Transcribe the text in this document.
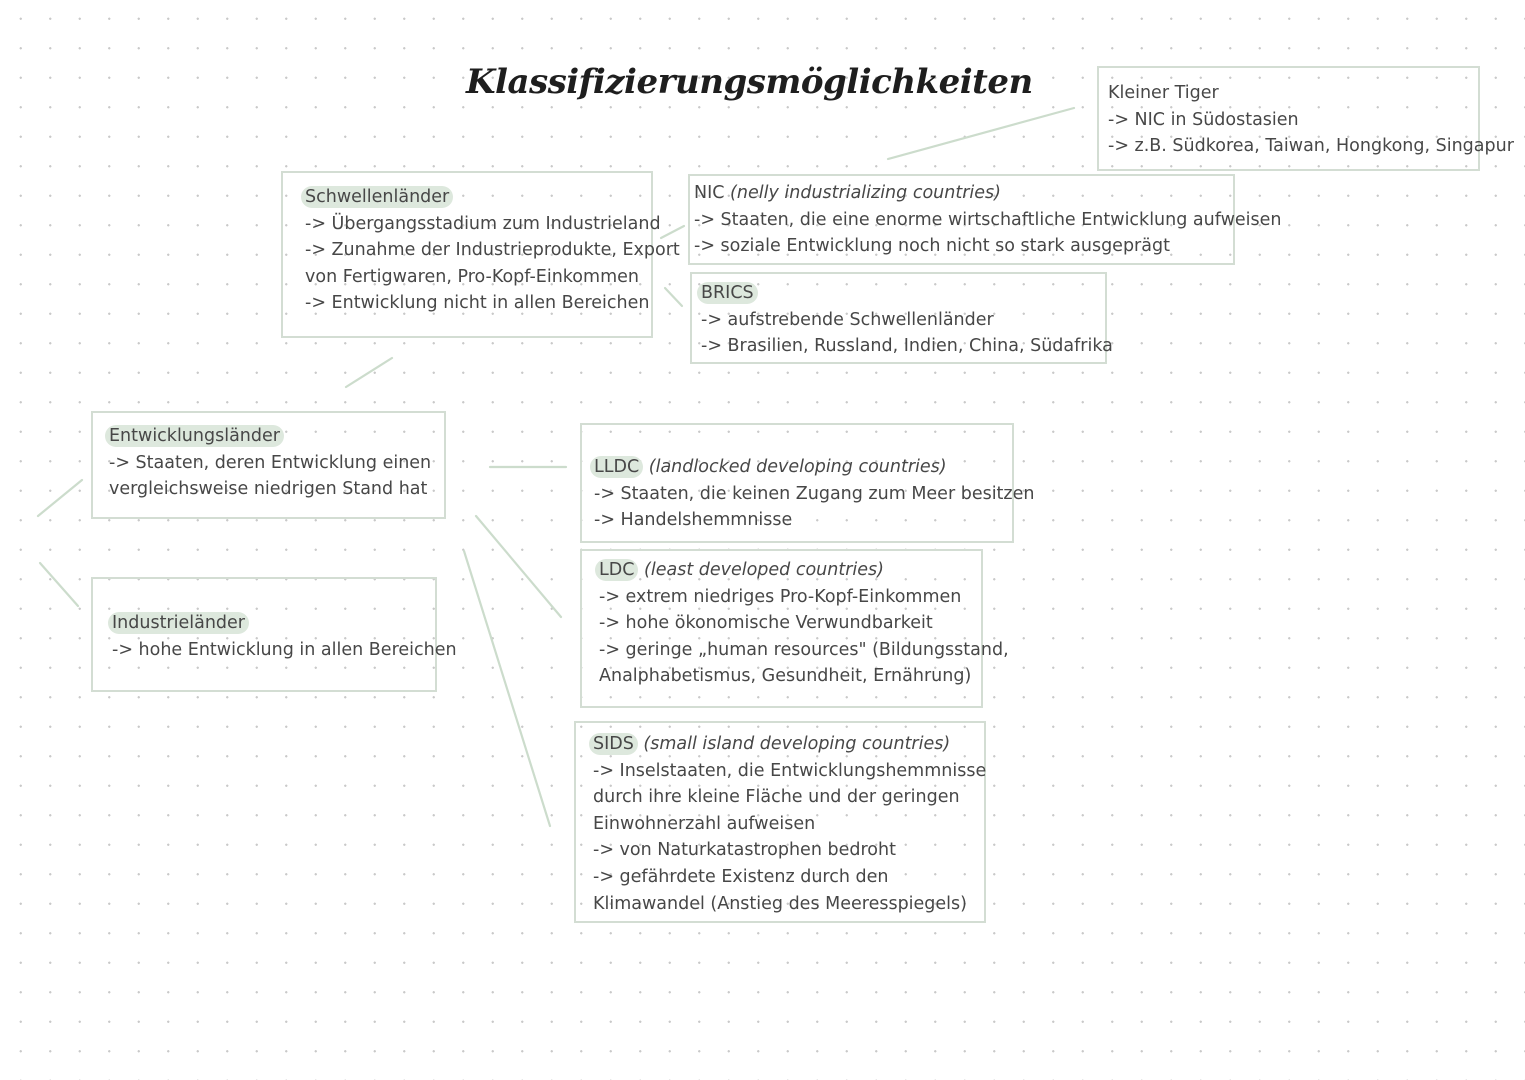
Klassifizierungsmöglichkeiten	Kleiner Tiger
-> NIC in Südostasien
-> z.B. Südkorea, Taiwan, Hongkong, Singapur
Schwellenländer
-> Übergangsstadium zum Industrieland
-> Zunahme der Industrieprodukte, Export
von Fertigwaren, Pro-Kopf-Einkommen
-> Entwicklung nicht in allen Bereichen
NIC (nelly industrializing countries)
-> Staaten, die eine enorme wirtschaftliche Entwicklung aufweisen
-> soziale Entwicklung noch nicht so stark ausgeprägt
BRICS
-> aufstrebende Schwellenländer
-> Brasilien, Russland, Indien, China, Südafrika
Entwicklungsländer
-> Staaten, deren Entwicklung einen
vergleichsweise niedrigen Stand hat
LLDC (landlocked developing countries)
-> Staaten, die keinen Zugang zum Meer besitzen
-> Handelshemmnisse
LDC (least developed countries)
-> extrem niedriges Pro-Kopf-Einkommen
-> hohe ökonomische Verwundbarkeit
-> geringe „human resources" (Bildungsstand,
Analphabetismus, Gesundheit, Ernährung)
Industrieländer
-> hohe Entwicklung in allen Bereichen
SIDS (small island developing countries)
-> Inselstaaten, die Entwicklungshemmnisse
durch ihre kleine Fläche und der geringen
Einwohnerzahl aufweisen
-> von Naturkatastrophen bedroht
-> gefährdete Existenz durch den
Klimawandel (Anstieg des Meeresspiegels)
